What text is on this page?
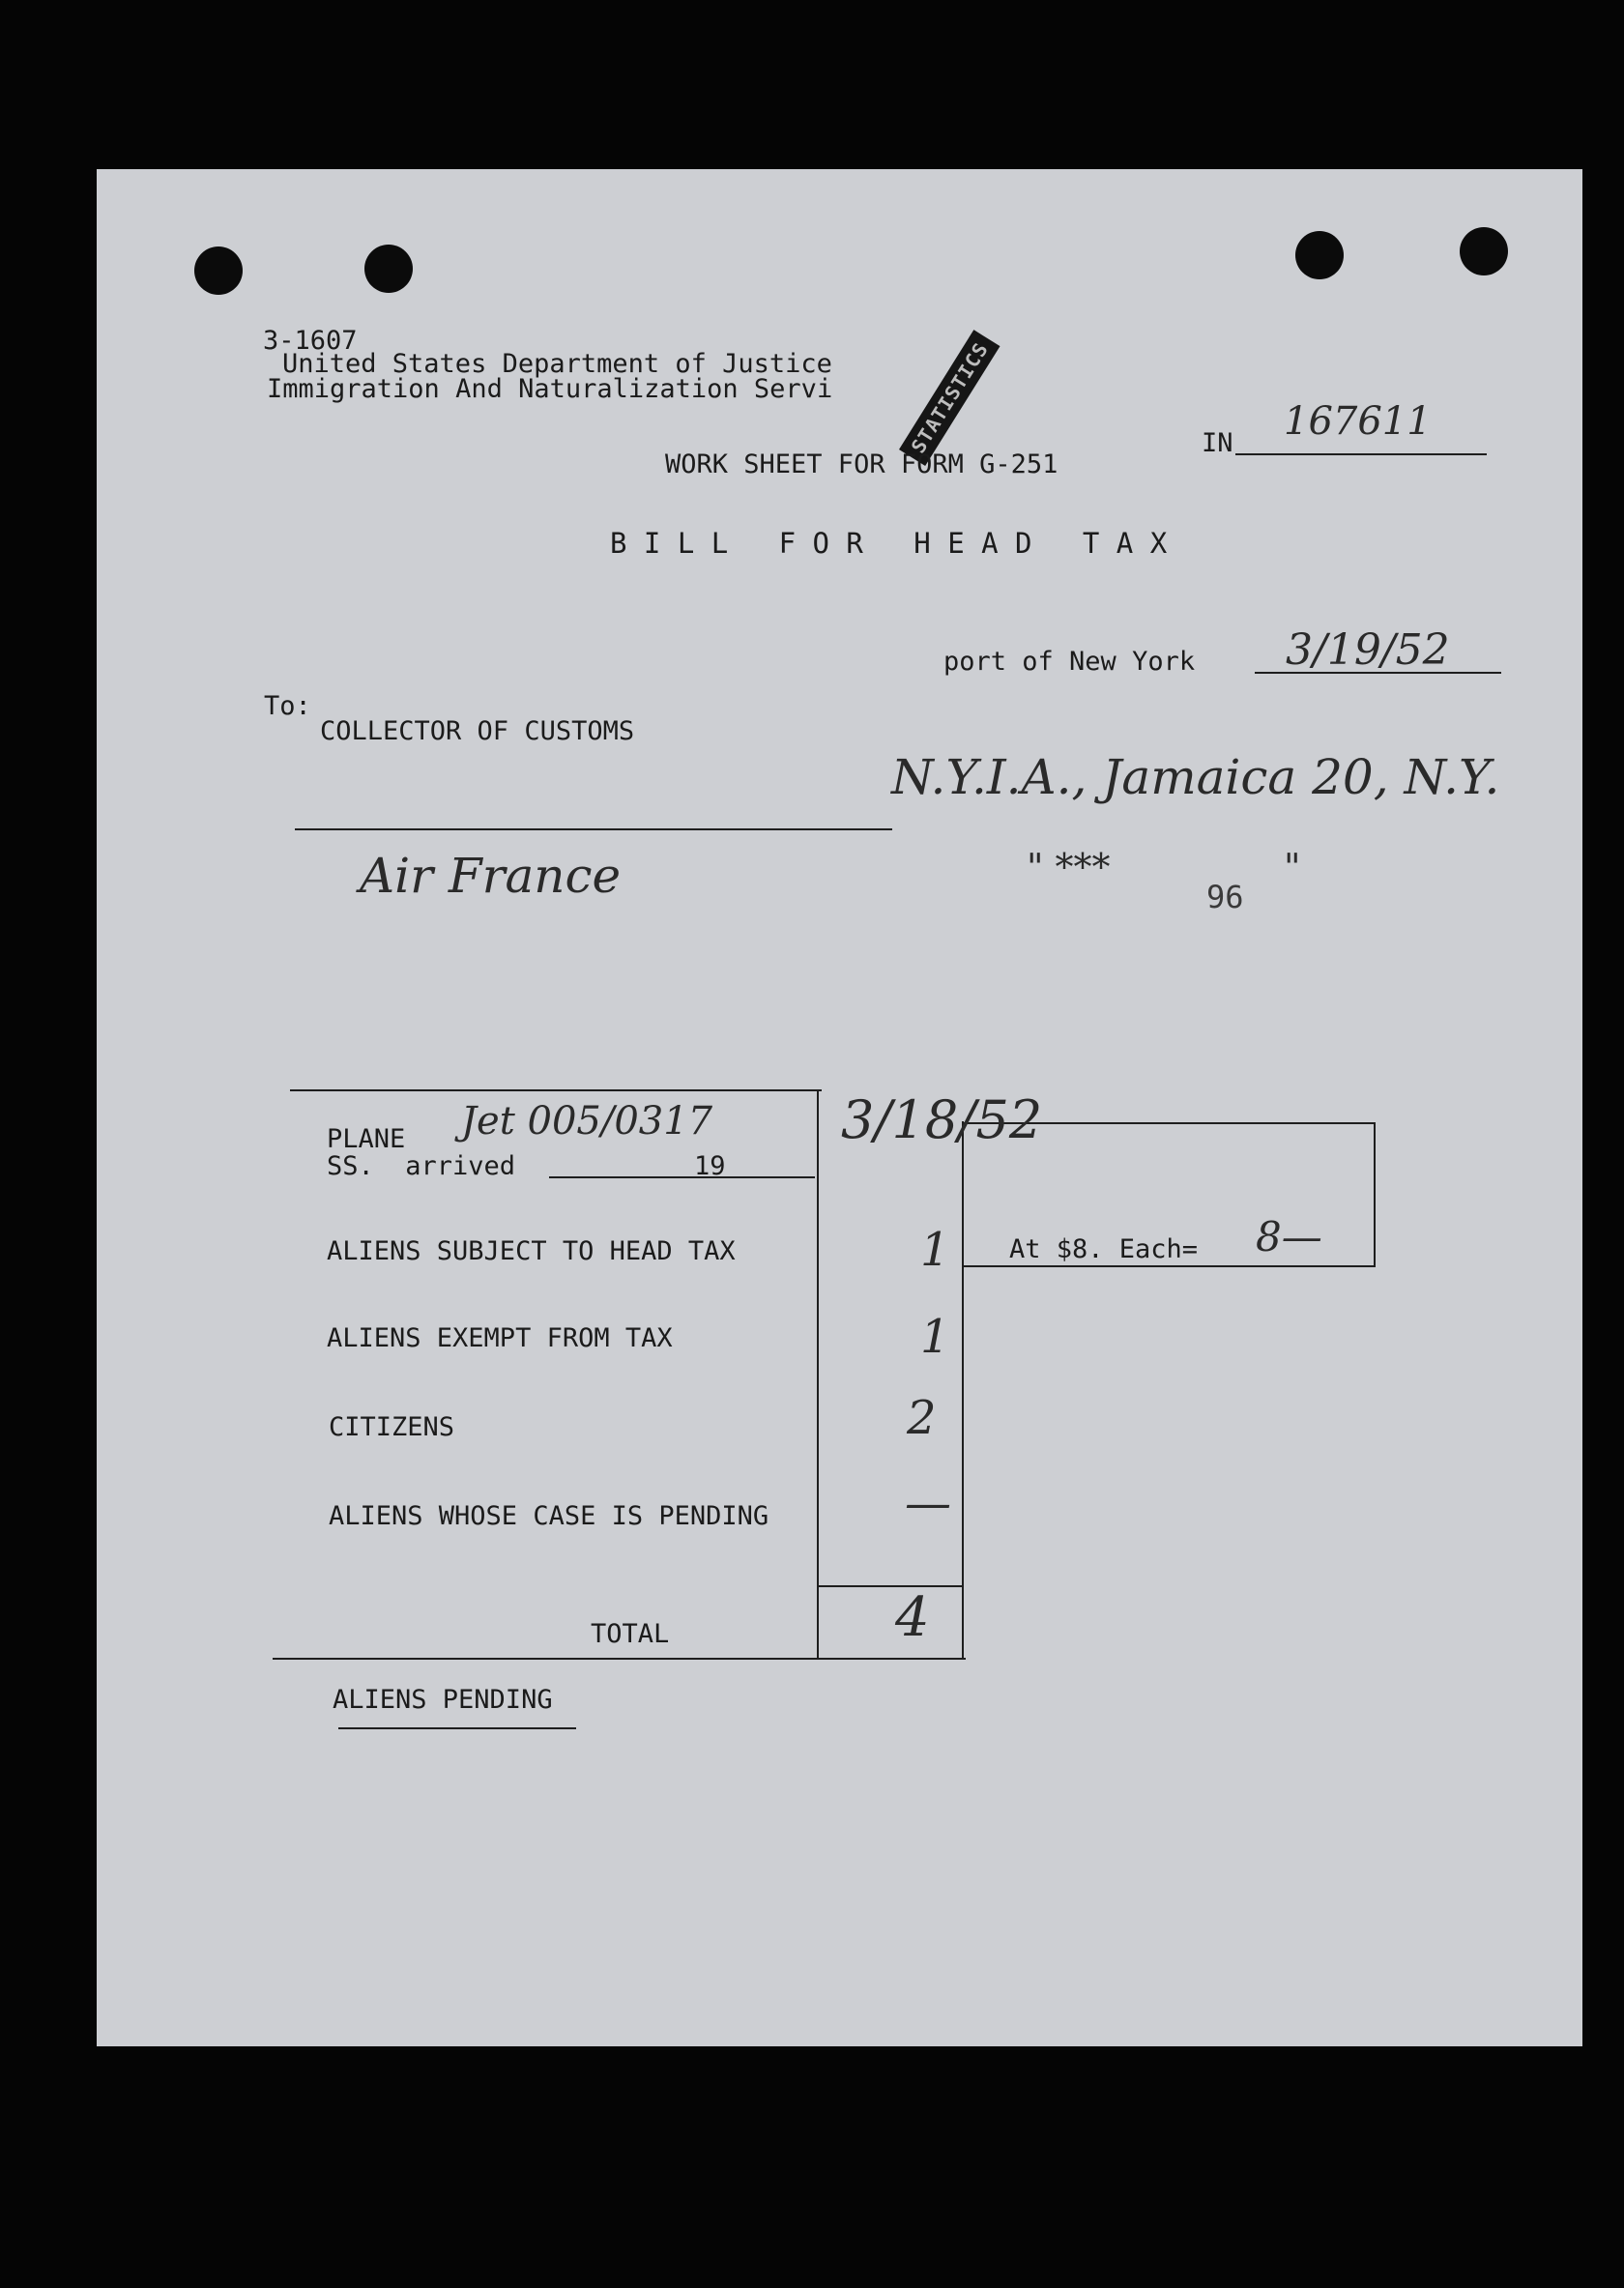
3-1607
United States Department of Justice
Immigration And Naturalization Servi	STATISTICS
WORK SHEET FOR FORM G-251
IN 167611
B I L L   F O R   H E A D   T A X
port of New York 3/19/52
To:
COLLECTOR OF CUSTOMS
N.Y.I.A., Jamaica 20, N.Y.
Air France	" ***
96
"
PLANE Jet 005/0317
SS.  arrived	19
3/18/52
ALIENS SUBJECT TO HEAD TAX	1 At $8. Each= 8—
ALIENS EXEMPT FROM TAX	1
CITIZENS	2
ALIENS WHOSE CASE IS PENDING	—
TOTAL	4
ALIENS PENDING
